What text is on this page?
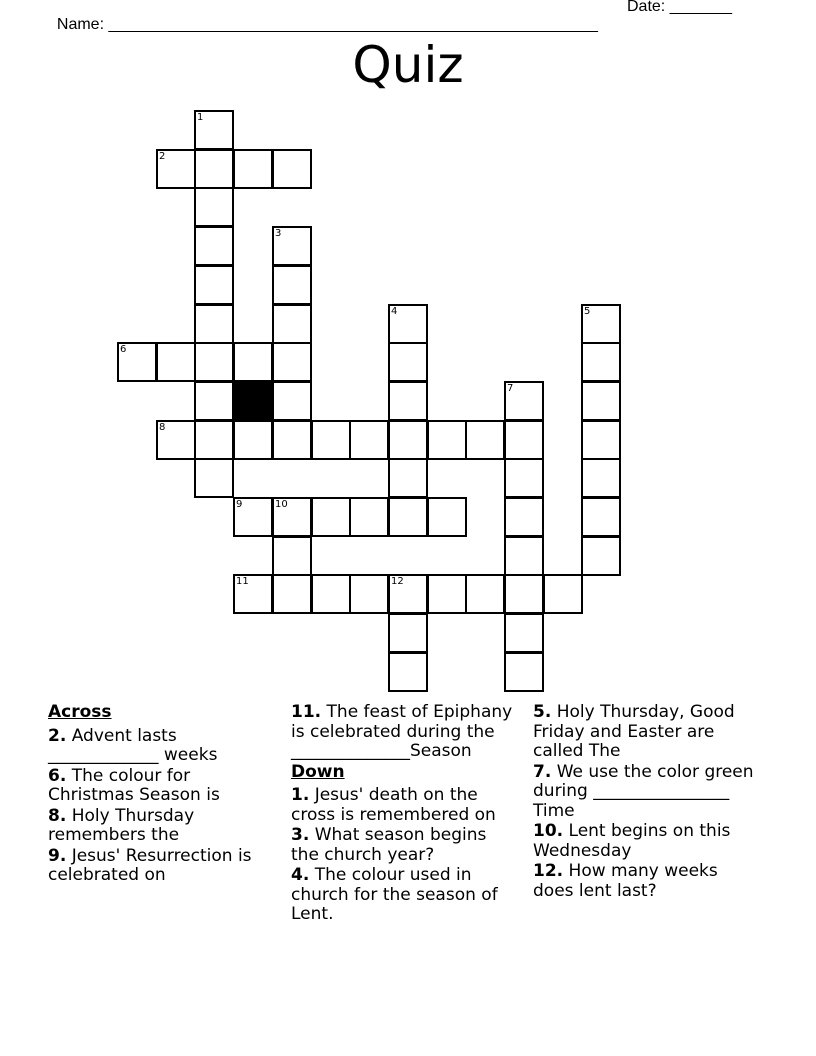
Name: _______________________________________________________

Date: _______

Quiz
1
2
3
4	5
6
7
8
9	10
11	12
Across
2. Advent lasts _____________ weeks
6. The colour for Christmas Season is
8. Holy Thursday remembers the
9. Jesus' Resurrection is celebrated on
11. The feast of Epiphany is celebrated during the ______________Season
Down
1. Jesus' death on the cross is remembered on
3. What season begins the church year?
4. The colour used in church for the season of Lent.
5. Holy Thursday, Good Friday and Easter are called The
7. We use the color green during ________________ Time
10. Lent begins on this Wednesday
12. How many weeks does lent last?
